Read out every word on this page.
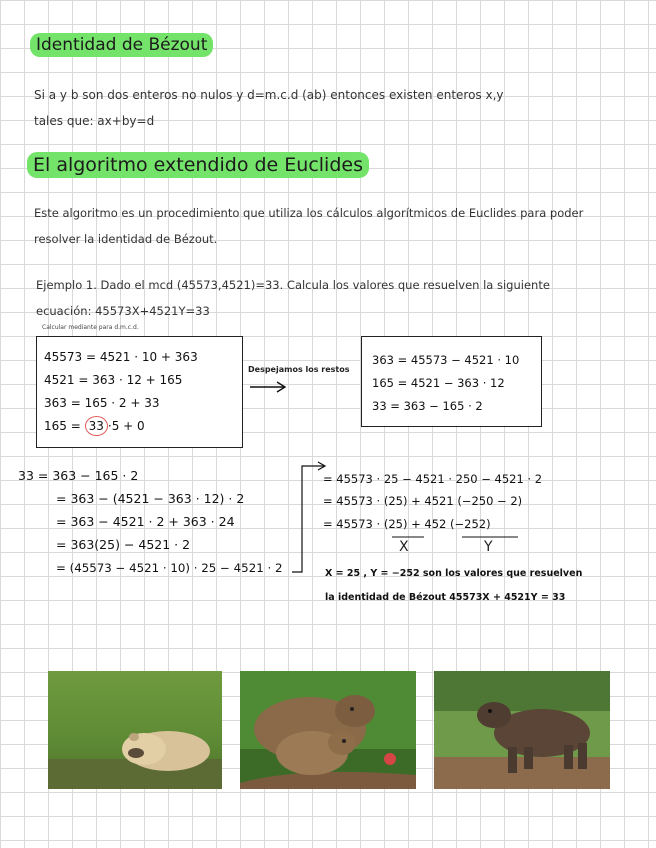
Identidad de Bézout
Si a y b son dos enteros no nulos y d=m.c.d (ab) entonces existen enteros x,y
tales que: ax+by=d
El algoritmo extendido de Euclides
Este algoritmo es un procedimiento que utiliza los cálculos algorítmicos de Euclides para poder
resolver la identidad de Bézout.
Ejemplo 1. Dado el mcd (45573,4521)=33. Calcula los valores que resuelven la siguiente
ecuación: 45573X+4521Y=33
Calcular mediante para d.m.c.d.
45573 = 4521 · 10 + 363
4521 = 363 · 12 + 165
363 = 165 · 2 + 33
165 = 33 ·5 + 0
Despejamos los restos
363 = 45573 − 4521 · 10
165 = 4521 − 363 · 12
33 = 363 − 165 · 2
33 = 363 − 165 · 2
= 363 − (4521 − 363 · 12) · 2
= 363 − 4521 · 2 + 363 · 24
= 363(25) − 4521 · 2
= (45573 − 4521 · 10) · 25 − 4521 · 2
= 45573 · 25 − 4521 · 250 − 4521 · 2
= 45573 · (25) + 4521 (−250 − 2)
= 45573 · (25) + 452 (−252)
X	Y
X = 25 , Y = −252 son los valores que resuelven
la identidad de Bézout 45573X + 4521Y = 33
